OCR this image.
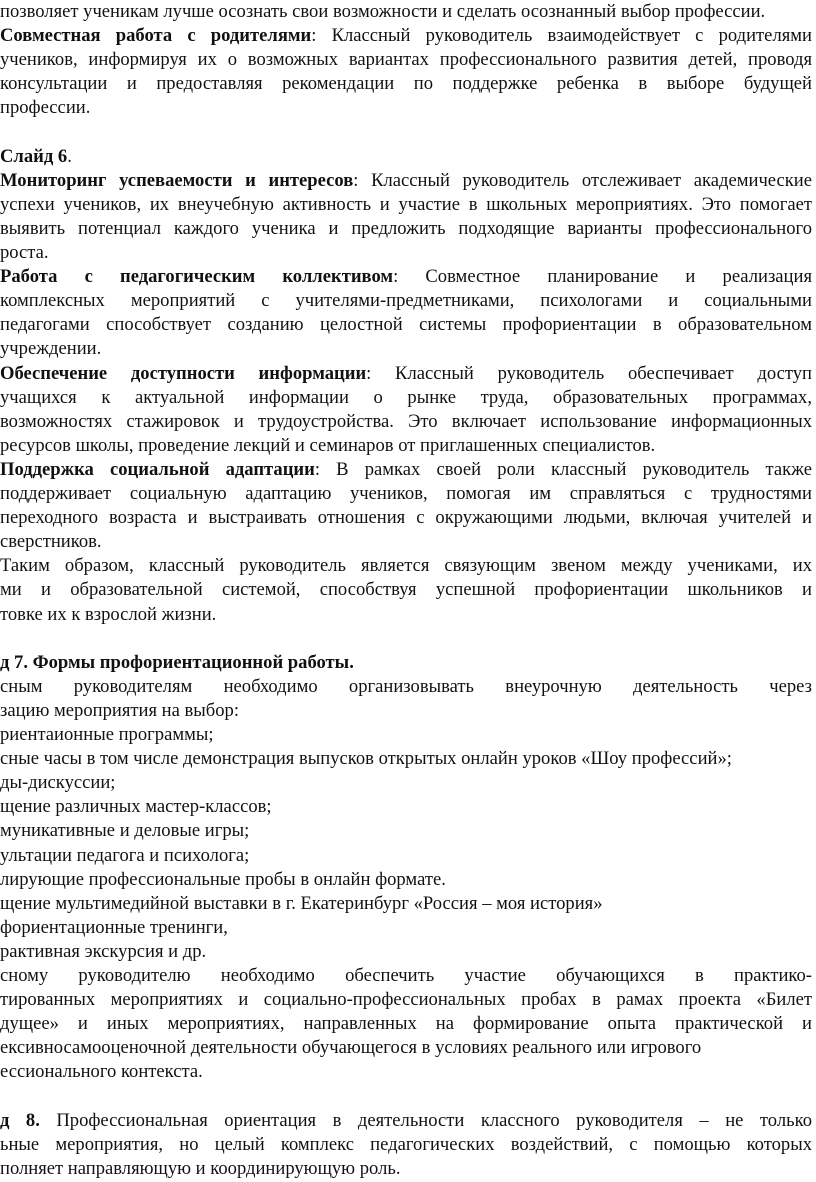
позволяет ученикам лучше осознать свои возможности и сделать осознанный выбор профессии.
Совместная работа с родителями: Классный руководитель взаимодействует с родителями
учеников, информируя их о возможных вариантах профессионального развития детей, проводя
консультации и предоставляя рекомендации по поддержке ребенка в выборе будущей
профессии.
Слайд 6.
Мониторинг успеваемости и интересов: Классный руководитель отслеживает академические
успехи учеников, их внеучебную активность и участие в школьных мероприятиях. Это помогает
выявить потенциал каждого ученика и предложить подходящие варианты профессионального
роста.
Работа с педагогическим коллективом: Совместное планирование и реализация
комплексных мероприятий с учителями-предметниками, психологами и социальными
педагогами способствует созданию целостной системы профориентации в образовательном
учреждении.
Обеспечение доступности информации: Классный руководитель обеспечивает доступ
учащихся к актуальной информации о рынке труда, образовательных программах,
возможностях стажировок и трудоустройства. Это включает использование информационных
ресурсов школы, проведение лекций и семинаров от приглашенных специалистов.
Поддержка социальной адаптации: В рамках своей роли классный руководитель также
поддерживает социальную адаптацию учеников, помогая им справляться с трудностями
переходного возраста и выстраивать отношения с окружающими людьми, включая учителей и
сверстников.
Таким образом, классный руководитель является связующим звеном между учениками, их
ми и образовательной системой, способствуя успешной профориентации школьников и
товке их к взрослой жизни.
д 7. Формы профориентационной работы.
сным руководителям необходимо организовывать внеурочную деятельность через
зацию мероприятия на выбор:
риентаионные программы;
сные часы в том числе демонстрация выпусков открытых онлайн уроков «Шоу профессий»;
ды-дискуссии;
щение различных мастер-классов;
муникативные и деловые игры;
ультации педагога и психолога;
лирующие профессиональные пробы в онлайн формате.
щение мультимедийной выставки в г. Екатеринбург «Россия – моя история»
фориентационные тренинги,
рактивная экскурсия и др.
сному руководителю необходимо обеспечить участие обучающихся в практико-
тированных мероприятиях и социально-профессиональных пробах в рамах проекта «Билет
дущее» и иных мероприятиях, направленных на формирование опыта практической и
ексивносамооценочной деятельности обучающегося в условиях реального или игрового
ессионального контекста.
д 8. Профессиональная ориентация в деятельности классного руководителя – не только
ьные мероприятия, но целый комплекс педагогических воздействий, с помощью которых
полняет направляющую и координирующую роль.
